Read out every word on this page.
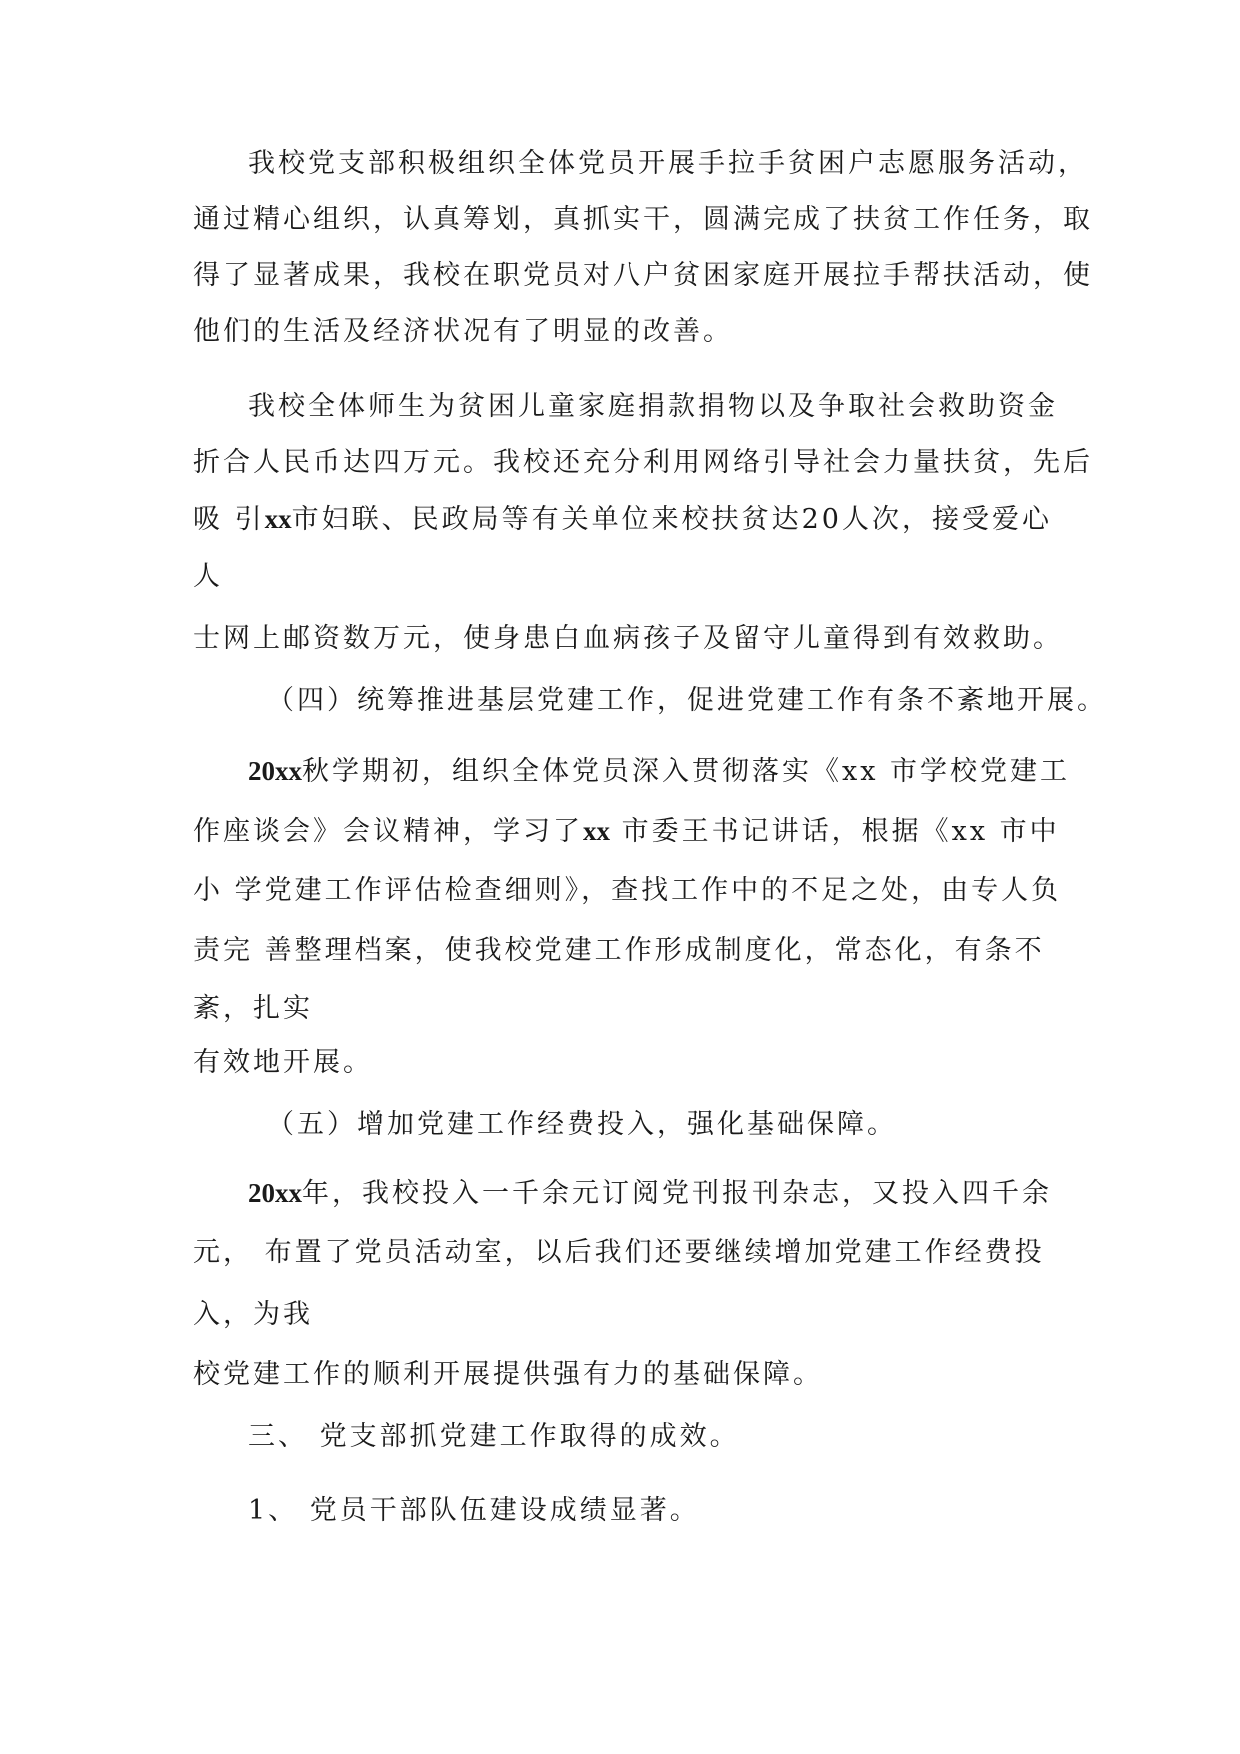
我校党支部积极组织全体党员开展手拉手贫困户志愿服务活动，
通过精心组织，认真筹划，真抓实干，圆满完成了扶贫工作任务，取
得了显著成果，我校在职党员对八户贫困家庭开展拉手帮扶活动，使
他们的生活及经济状况有了明显的改善。
我校全体师生为贫困儿童家庭捐款捐物以及争取社会救助资金
折合人民币达四万元。我校还充分利用网络引导社会力量扶贫，先后
吸 引xx市妇联、民政局等有关单位来校扶贫达20人次，接受爱心
人
士网上邮资数万元，使身患白血病孩子及留守儿童得到有效救助。
（四）统筹推进基层党建工作，促进党建工作有条不紊地开展。
20xx秋学期初，组织全体党员深入贯彻落实《xx 市学校党建工
作座谈会》会议精神，学习了xx 市委王书记讲话，根据《xx 市中
小 学党建工作评估检查细则》，查找工作中的不足之处，由专人负
责完 善整理档案，使我校党建工作形成制度化，常态化，有条不
紊，扎实
有效地开展。
（五）增加党建工作经费投入，强化基础保障。
20xx年，我校投入一千余元订阅党刊报刊杂志，又投入四千余
元， 布置了党员活动室，以后我们还要继续增加党建工作经费投
入，为我
校党建工作的顺利开展提供强有力的基础保障。
三、 党支部抓党建工作取得的成效。
1、 党员干部队伍建设成绩显著。
